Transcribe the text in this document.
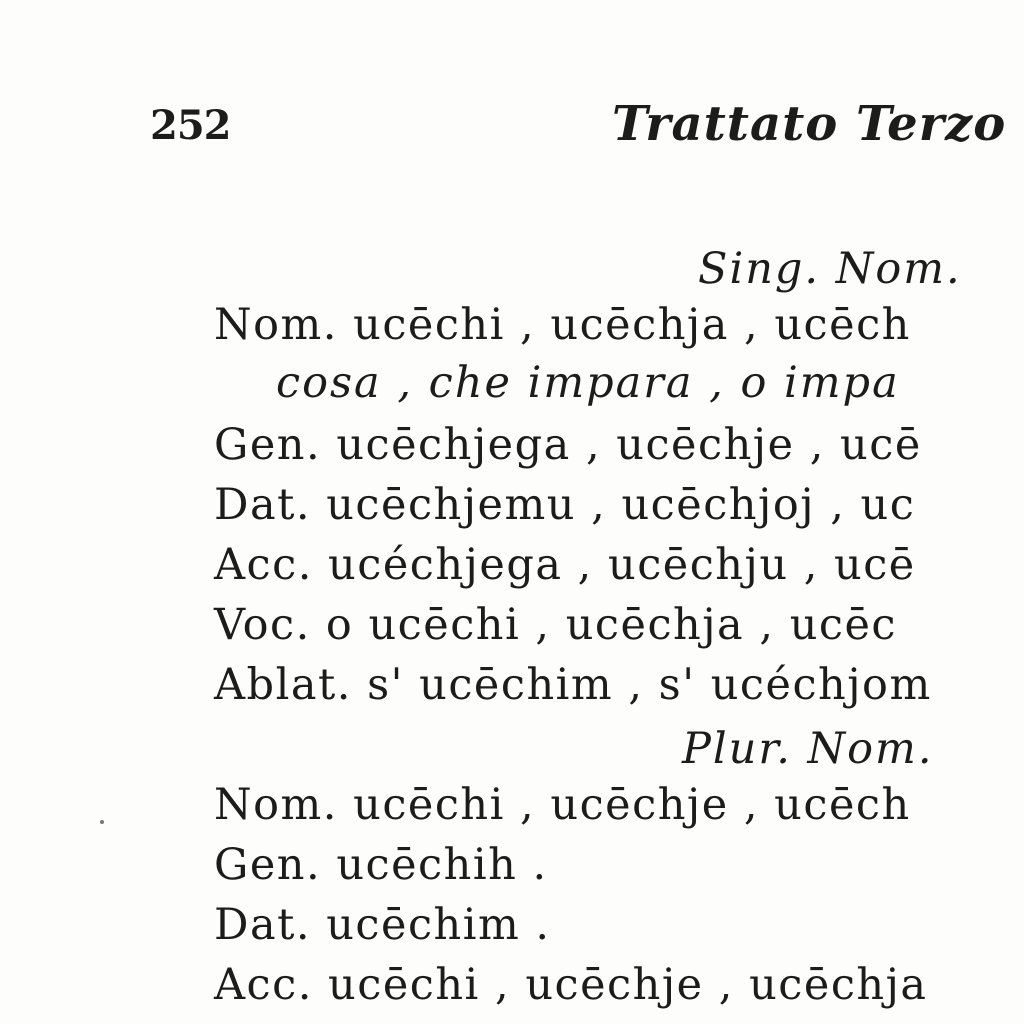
252	Trattato Terzo
Sing. Nom.
Nom. ucēchi , ucēchja , ucēch
cosa , che impara , o impa
Gen. ucēchjega , ucēchje , ucē
Dat. ucēchjemu , ucēchjoj , uc
Acc. ucéchjega , ucēchju , ucē
Voc. o ucēchi , ucēchja , ucēc
Ablat. s' ucēchim , s' ucéchjom
Plur. Nom.
Nom. ucēchi , ucēchje , ucēch
Gen. ucēchih .
Dat. ucēchim .
Acc. ucēchi , ucēchje , ucēchja
